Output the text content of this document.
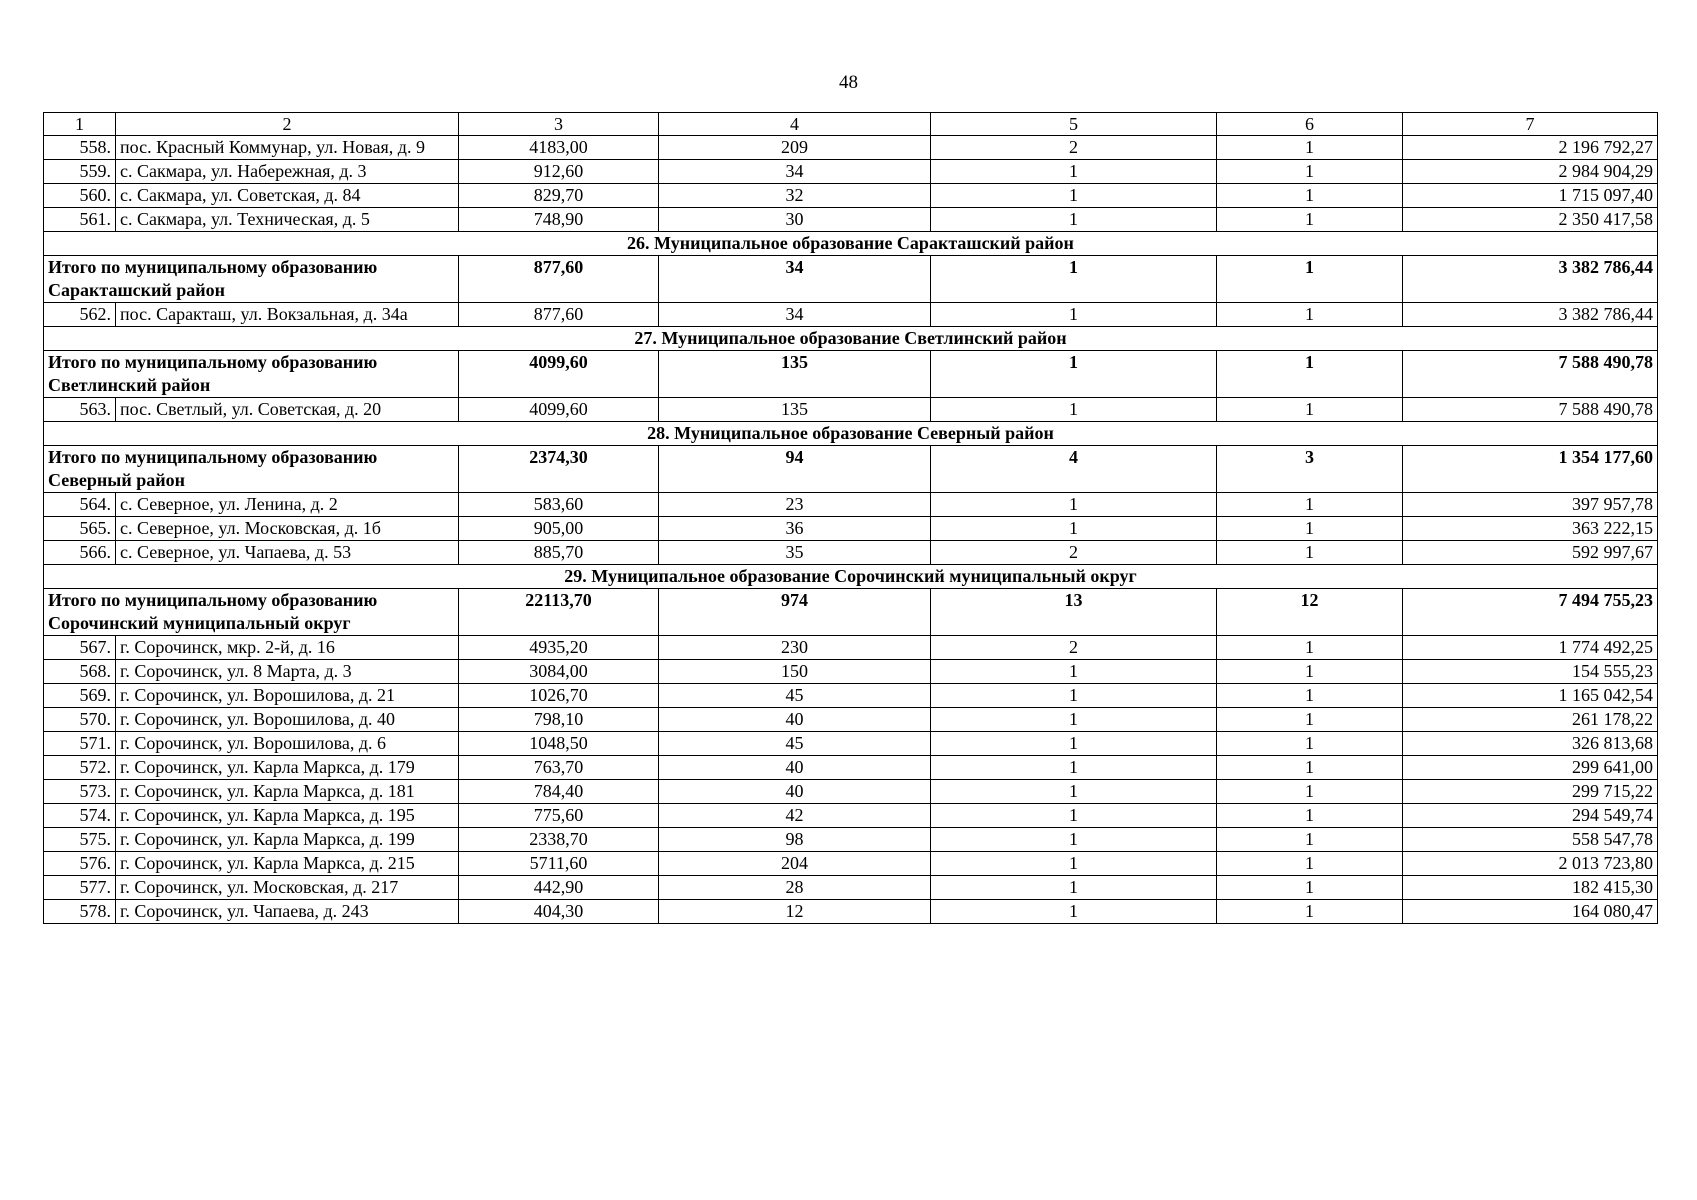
48
1	2	3	4	5	6	7
558.	пос. Красный Коммунар, ул. Новая, д. 9	4183,00	209	2	1	2 196 792,27
559.	с. Сакмара, ул. Набережная, д. 3	912,60	34	1	1	2 984 904,29
560.	с. Сакмара, ул. Советская, д. 84	829,70	32	1	1	1 715 097,40
561.	с. Сакмара, ул. Техническая, д. 5	748,90	30	1	1	2 350 417,58
26. Муниципальное образование Саракташский район						
Итого по муниципальному образованию Саракташский район		877,60	34	1	1	3 382 786,44
562.	пос. Саракташ, ул. Вокзальная, д. 34а	877,60	34	1	1	3 382 786,44
27. Муниципальное образование Светлинский район						
Итого по муниципальному образованию Светлинский район		4099,60	135	1	1	7 588 490,78
563.	пос. Светлый, ул. Советская, д. 20	4099,60	135	1	1	7 588 490,78
28. Муниципальное образование Северный район						
Итого по муниципальному образованию Северный район		2374,30	94	4	3	1 354 177,60
564.	с. Северное, ул. Ленина, д. 2	583,60	23	1	1	397 957,78
565.	с. Северное, ул. Московская, д. 1б	905,00	36	1	1	363 222,15
566.	с. Северное, ул. Чапаева, д. 53	885,70	35	2	1	592 997,67
29. Муниципальное образование Сорочинский муниципальный округ						
Итого по муниципальному образованию Сорочинский муниципальный округ		22113,70	974	13	12	7 494 755,23
567.	г. Сорочинск, мкр. 2-й, д. 16	4935,20	230	2	1	1 774 492,25
568.	г. Сорочинск, ул. 8 Марта, д. 3	3084,00	150	1	1	154 555,23
569.	г. Сорочинск, ул. Ворошилова, д. 21	1026,70	45	1	1	1 165 042,54
570.	г. Сорочинск, ул. Ворошилова, д. 40	798,10	40	1	1	261 178,22
571.	г. Сорочинск, ул. Ворошилова, д. 6	1048,50	45	1	1	326 813,68
572.	г. Сорочинск, ул. Карла Маркса, д. 179	763,70	40	1	1	299 641,00
573.	г. Сорочинск, ул. Карла Маркса, д. 181	784,40	40	1	1	299 715,22
574.	г. Сорочинск, ул. Карла Маркса, д. 195	775,60	42	1	1	294 549,74
575.	г. Сорочинск, ул. Карла Маркса, д. 199	2338,70	98	1	1	558 547,78
576.	г. Сорочинск, ул. Карла Маркса, д. 215	5711,60	204	1	1	2 013 723,80
577.	г. Сорочинск, ул. Московская, д. 217	442,90	28	1	1	182 415,30
578.	г. Сорочинск, ул. Чапаева, д. 243	404,30	12	1	1	164 080,47
